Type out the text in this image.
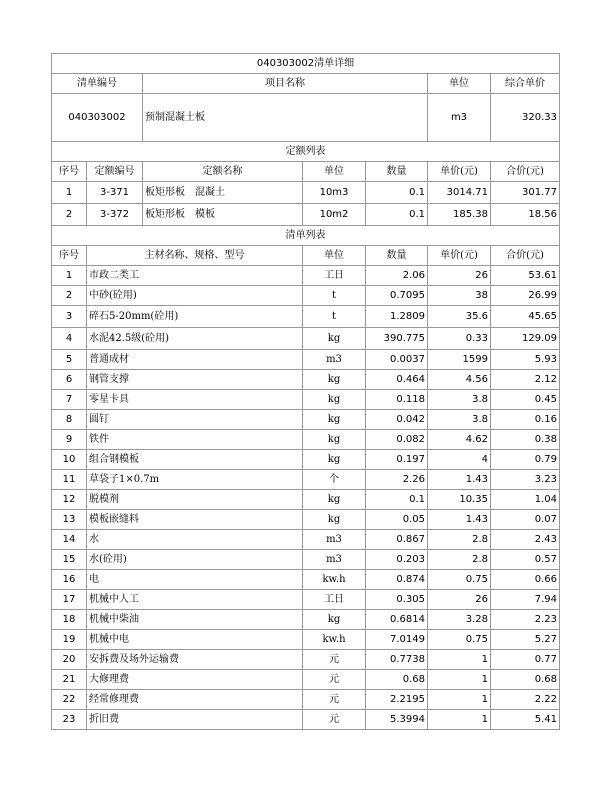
040303002清单详细						
清单编号		项目名称			单位	综合单价
040303002		预制混凝土板			m3	320.33
定额列表						
序号	定额编号	定额名称	单位	数量	单价(元)	合价(元)
1	3-371	板矩形板　混凝土	10m3	0.1	3014.71	301.77
2	3-372	板矩形板　模板	10m2	0.1	185.38	18.56
清单列表						
序号	主材名称、规格、型号		单位	数量	单价(元)	合价(元)
1	市政二类工		工日	2.06	26	53.61
2	中砂(砼用)		t	0.7095	38	26.99
3	碎石5-20mm(砼用)		t	1.2809	35.6	45.65
4	水泥42.5级(砼用)		kg	390.775	0.33	129.09
5	普通成材		m3	0.0037	1599	5.93
6	钢管支撑		kg	0.464	4.56	2.12
7	零星卡具		kg	0.118	3.8	0.45
8	圆钉		kg	0.042	3.8	0.16
9	铁件		kg	0.082	4.62	0.38
10	组合钢模板		kg	0.197	4	0.79
11	草袋子1×0.7m		个	2.26	1.43	3.23
12	脱模剂		kg	0.1	10.35	1.04
13	模板嵌缝料		kg	0.05	1.43	0.07
14	水		m3	0.867	2.8	2.43
15	水(砼用)		m3	0.203	2.8	0.57
16	电		kw.h	0.874	0.75	0.66
17	机械中人工		工日	0.305	26	7.94
18	机械中柴油		kg	0.6814	3.28	2.23
19	机械中电		kw.h	7.0149	0.75	5.27
20	安拆费及场外运输费		元	0.7738	1	0.77
21	大修理费		元	0.68	1	0.68
22	经常修理费		元	2.2195	1	2.22
23	折旧费		元	5.3994	1	5.41
